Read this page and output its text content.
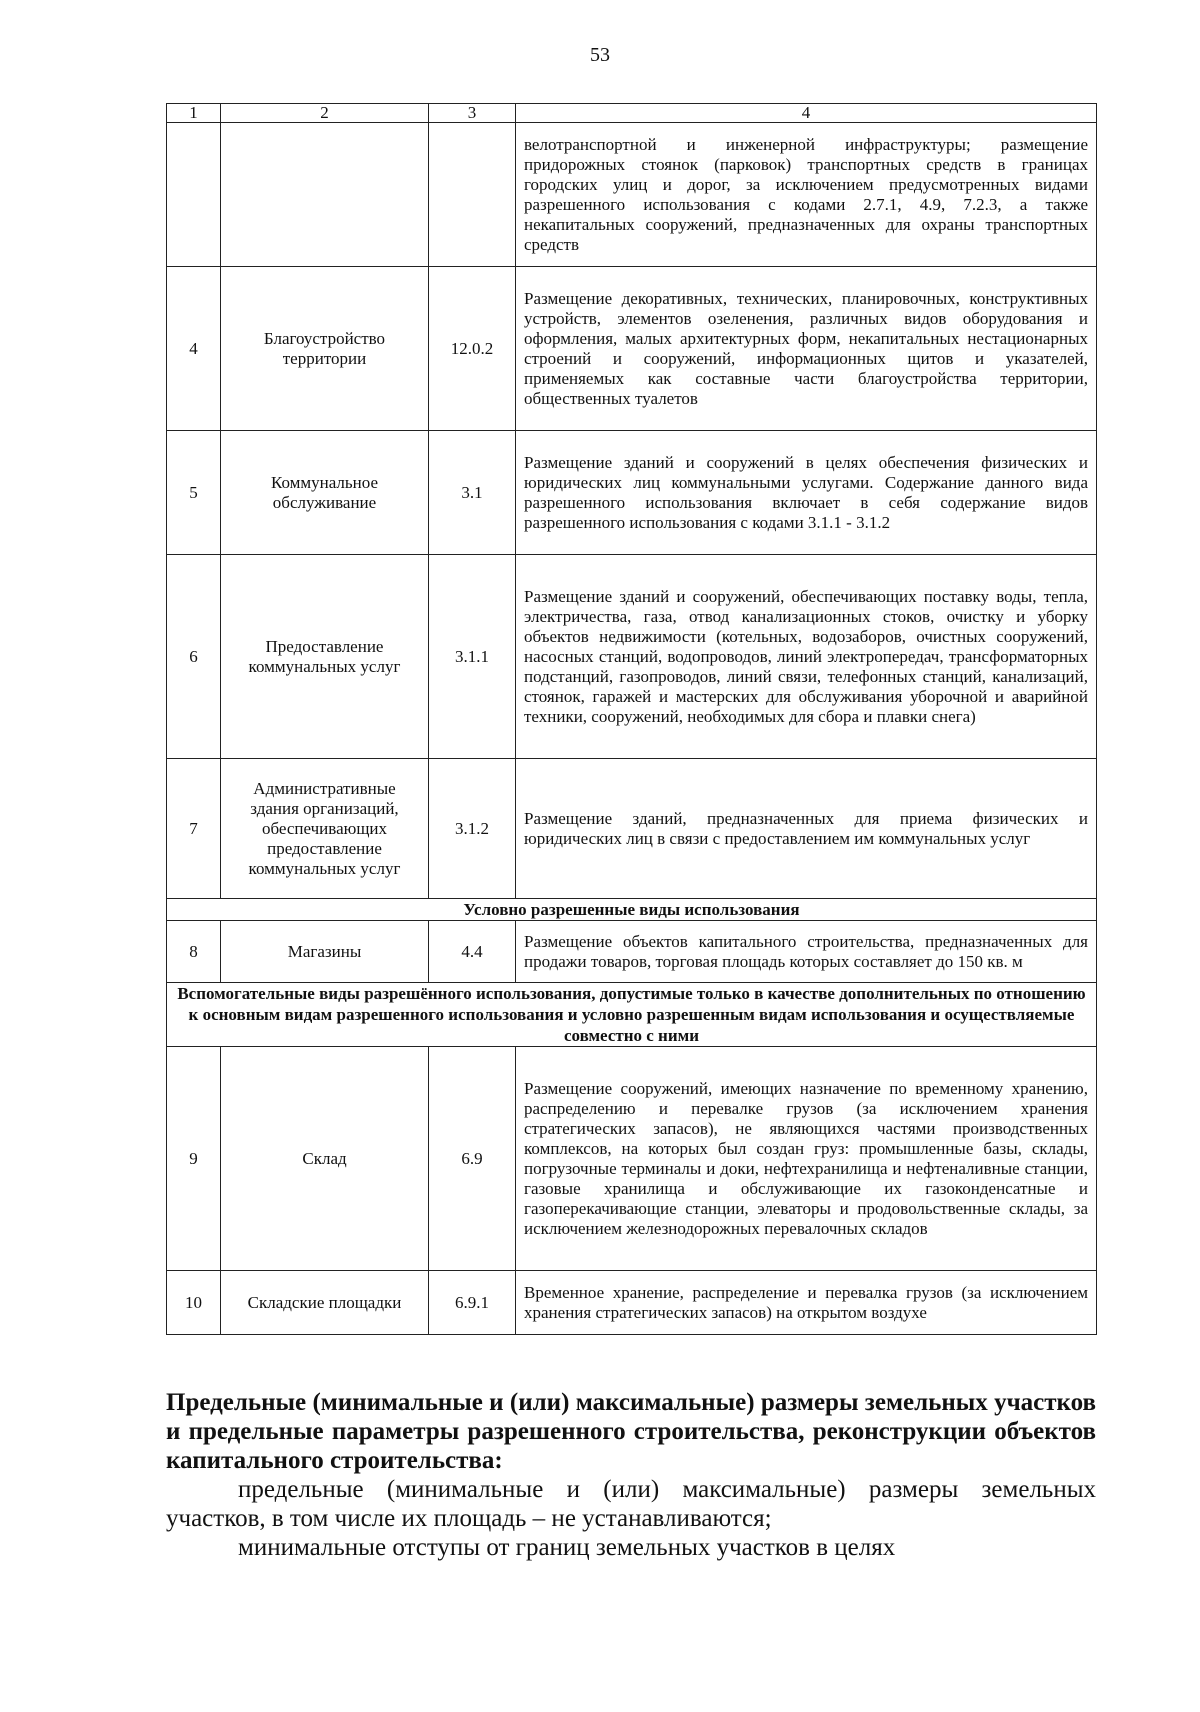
53
1	2	3	4
			велотранспортной и инженерной инфраструктуры; размещение придорожных стоянок (парковок) транспортных средств в границах городских улиц и дорог, за исключением предусмотренных видами разрешенного использования с кодами 2.7.1, 4.9, 7.2.3, а также некапитальных сооружений, предназначенных для охраны транспортных средств
4	Благоустройство территории	12.0.2	Размещение декоративных, технических, планировочных, конструктивных устройств, элементов озеленения, различных видов оборудования и оформления, малых архитектурных форм, некапитальных нестационарных строений и сооружений, информационных щитов и указателей, применяемых как составные части благоустройства территории, общественных туалетов
5	Коммунальное обслуживание	3.1	Размещение зданий и сооружений в целях обеспечения физических и юридических лиц коммунальными услугами. Содержание данного вида разрешенного использования включает в себя содержание видов разрешенного использования с кодами 3.1.1 - 3.1.2
6	Предоставление коммунальных услуг	3.1.1	Размещение зданий и сооружений, обеспечивающих поставку воды, тепла, электричества, газа, отвод канализационных стоков, очистку и уборку объектов недвижимости (котельных, водозаборов, очистных сооружений, насосных станций, водопроводов, линий электропередач, трансформаторных подстанций, газопроводов, линий связи, телефонных станций, канализаций, стоянок, гаражей и мастерских для обслуживания уборочной и аварийной техники, сооружений, необходимых для сбора и плавки снега)
7	Административные здания организаций, обеспечивающих предоставление коммунальных услуг	3.1.2	Размещение зданий, предназначенных для приема физических и юридических лиц в связи с предоставлением им коммунальных услуг
Условно разрешенные виды использования			
8	Магазины	4.4	Размещение объектов капитального строительства, предназначенных для продажи товаров, торговая площадь которых составляет до 150 кв. м
Вспомогательные виды разрешённого использования, допустимые только в качестве дополнительных по отношению к основным видам разрешенного использования и условно разрешенным видам использования и осуществляемые совместно с ними			
9	Склад	6.9	Размещение сооружений, имеющих назначение по временному хранению, распределению и перевалке грузов (за исключением хранения стратегических запасов), не являющихся частями производственных комплексов, на которых был создан груз: промышленные базы, склады, погрузочные терминалы и доки, нефтехранилища и нефтеналивные станции, газовые хранилища и обслуживающие их газоконденсатные и газоперекачивающие станции, элеваторы и продовольственные склады, за исключением железнодорожных перевалочных складов
10	Складские площадки	6.9.1	Временное хранение, распределение и перевалка грузов (за исключением хранения стратегических запасов) на открытом воздухе

Предельные (минимальные и (или) максимальные) размеры земельных участков и предельные параметры разрешенного строительства, реконструкции объектов капитального строительства:

предельные (минимальные и (или) максимальные) размеры земельных участков, в том числе их площадь – не устанавливаются;

минимальные отступы от границ земельных участков в целях
